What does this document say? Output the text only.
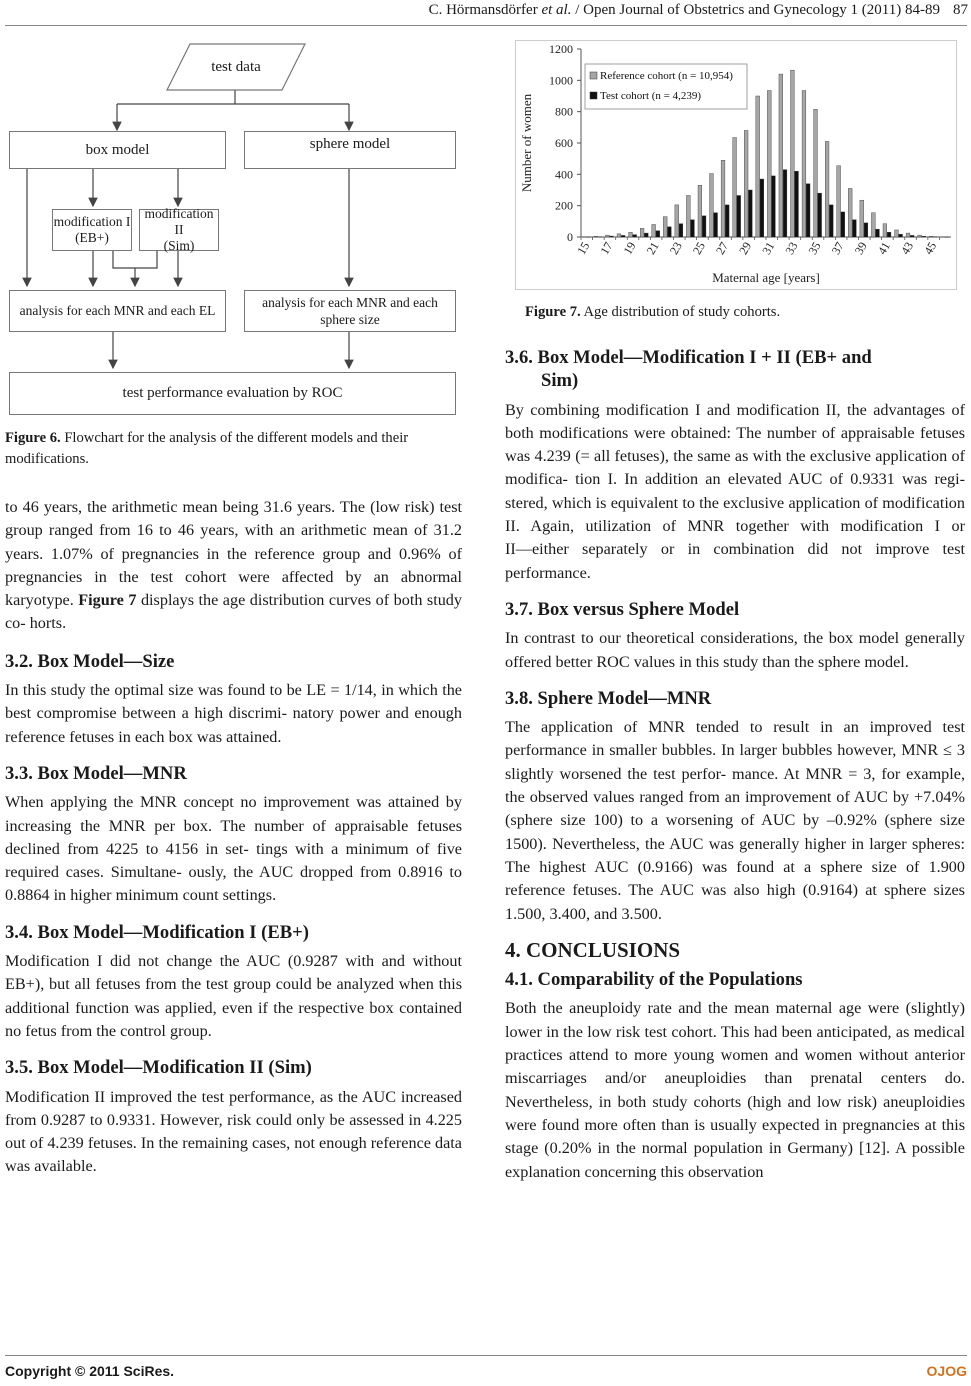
C. Hörmansdörfer et al. / Open Journal of Obstetrics and Gynecology 1 (2011) 84-89 87
test data
box model	sphere model
modification I
(EB+)
modification II
(Sim)
analysis for each MNR and each EL
analysis for each MNR and each
sphere size
test performance evaluation by ROC
Figure 6. Flowchart for the analysis of the different models and their modifications.

to 46 years, the arithmetic mean being 31.6 years. The (low risk) test group ranged from 16 to 46 years, with an arithmetic mean of 31.2 years. 1.07% of pregnancies in the reference group and 0.96% of pregnancies in the test cohort were affected by an abnormal karyotype. Figure 7 displays the age distribution curves of both study co- horts.

3.2. Box Model—Size

In this study the optimal size was found to be LE = 1/14, in which the best compromise between a high discrimi- natory power and enough reference fetuses in each box was attained.

3.3. Box Model—MNR

When applying the MNR concept no improvement was attained by increasing the MNR per box. The number of appraisable fetuses declined from 4225 to 4156 in set- tings with a minimum of five required cases. Simultane- ously, the AUC dropped from 0.8916 to 0.8864 in higher minimum count settings.

3.4. Box Model—Modification I (EB+)

Modification I did not change the AUC (0.9287 with and without EB+), but all fetuses from the test group could be analyzed when this additional function was applied, even if the respective box contained no fetus from the control group.

3.5. Box Model—Modification II (Sim)

Modification II improved the test performance, as the AUC increased from 0.9287 to 0.9331. However, risk could only be assessed in 4.225 out of 4.239 fetuses. In the remaining cases, not enough reference data was available.

0
200
400
600
800
1000
1200
15 17 19 21 23 25 27 29 31 33 35 37 39 41 43 45
Maternal age [years]
Number of women
Reference cohort (n = 10,954)
Test cohort (n = 4,239)
Figure 7. Age distribution of study cohorts.
3.6. Box Model—Modification I + II (EB+ and
Sim)

By combining modification I and modification II, the advantages of both modifications were obtained: The number of appraisable fetuses was 4.239 (= all fetuses), the same as with the exclusive application of modifica- tion I. In addition an elevated AUC of 0.9331 was regi- stered, which is equivalent to the exclusive application of modification II. Again, utilization of MNR together with modification I or II―either separately or in combination did not improve test performance.

3.7. Box versus Sphere Model

In contrast to our theoretical considerations, the box model generally offered better ROC values in this study than the sphere model.

3.8. Sphere Model—MNR

The application of MNR tended to result in an improved test performance in smaller bubbles. In larger bubbles however, MNR ≤ 3 slightly worsened the test perfor- mance. At MNR = 3, for example, the observed values ranged from an improvement of AUC by +7.04% (sphere size 100) to a worsening of AUC by –0.92% (sphere size 1500). Nevertheless, the AUC was generally higher in larger spheres: The highest AUC (0.9166) was found at a sphere size of 1.900 reference fetuses. The AUC was also high (0.9164) at sphere sizes 1.500, 3.400, and 3.500.

4. CONCLUSIONS
4.1. Comparability of the Populations

Both the aneuploidy rate and the mean maternal age were (slightly) lower in the low risk test cohort. This had been anticipated, as medical practices attend to more young women and women without anterior miscarriages and/or aneuploidies than prenatal centers do. Nevertheless, in both study cohorts (high and low risk) aneuploidies were found more often than is usually expected in pregnancies at this stage (0.20% in the normal population in Germany) [12]. A possible explanation concerning this observation

Copyright © 2011 SciRes.	OJOG
